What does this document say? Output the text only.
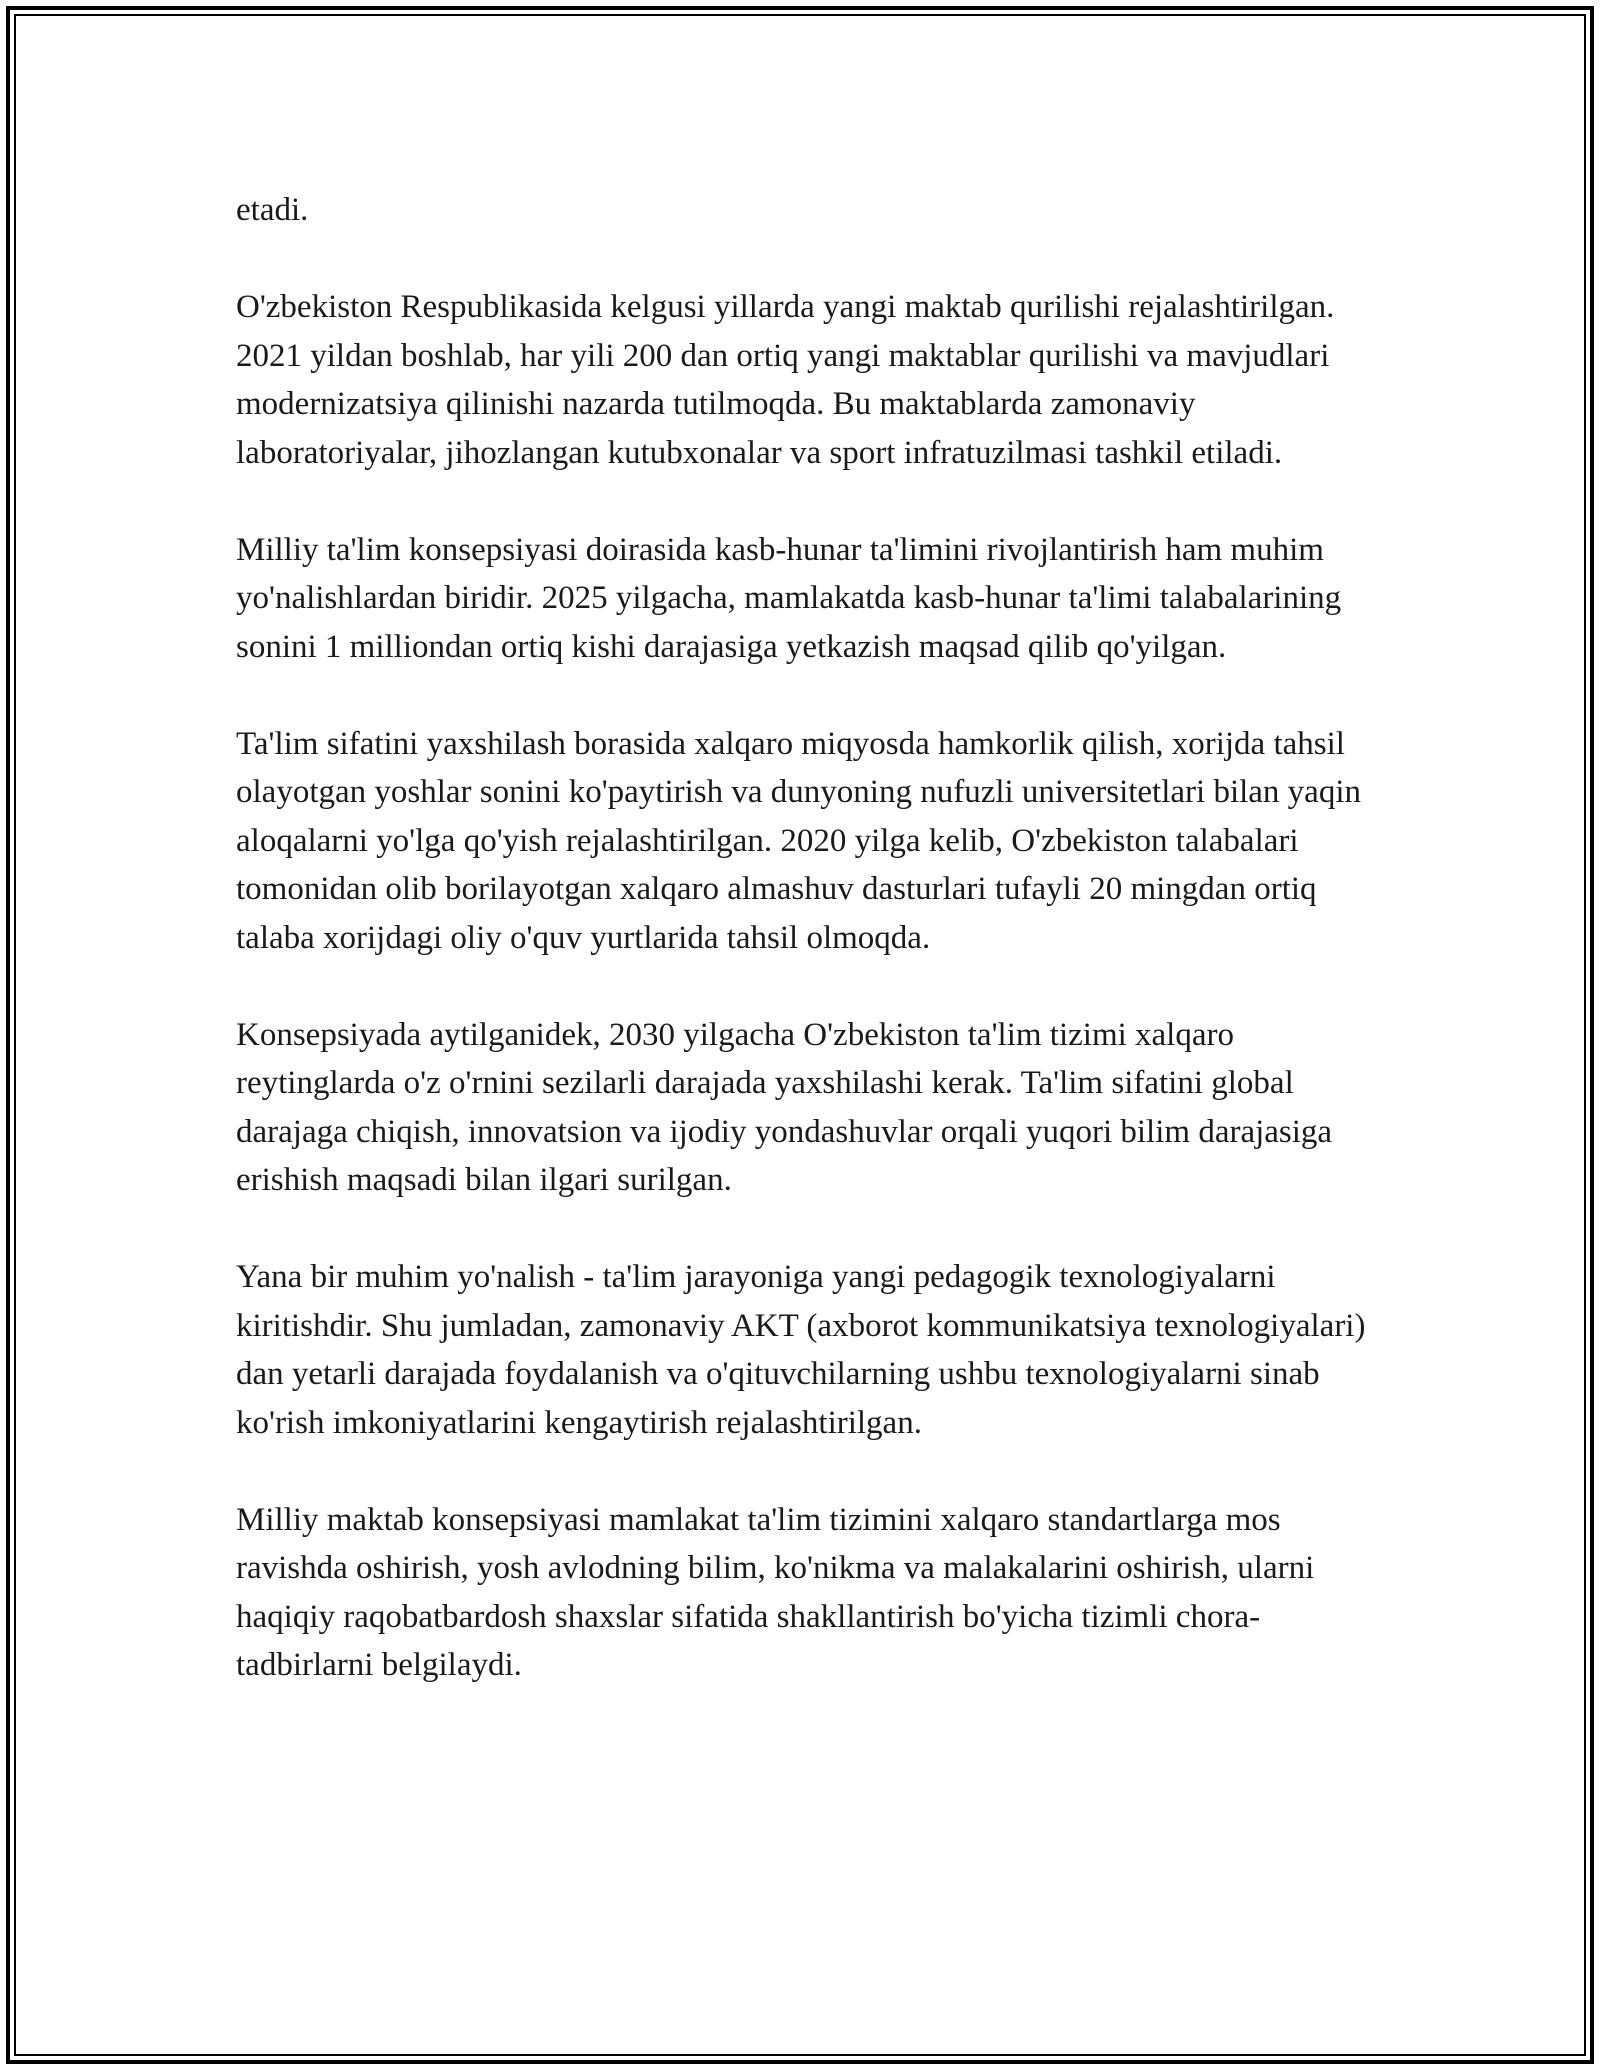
etadi.

O'zbekiston Respublikasida kelgusi yillarda yangi maktab qurilishi rejalashtirilgan. 2021 yildan boshlab, har yili 200 dan ortiq yangi maktablar qurilishi va mavjudlari modernizatsiya qilinishi nazarda tutilmoqda. Bu maktablarda zamonaviy laboratoriyalar, jihozlangan kutubxonalar va sport infratuzilmasi tashkil etiladi.

Milliy ta'lim konsepsiyasi doirasida kasb-hunar ta'limini rivojlantirish ham muhim yo'nalishlardan biridir. 2025 yilgacha, mamlakatda kasb-hunar ta'limi talabalarining sonini 1 milliondan ortiq kishi darajasiga yetkazish maqsad qilib qo'yilgan.

Ta'lim sifatini yaxshilash borasida xalqaro miqyosda hamkorlik qilish, xorijda tahsil olayotgan yoshlar sonini ko'paytirish va dunyoning nufuzli universitetlari bilan yaqin aloqalarni yo'lga qo'yish rejalashtirilgan. 2020 yilga kelib, O'zbekiston talabalari tomonidan olib borilayotgan xalqaro almashuv dasturlari tufayli 20 mingdan ortiq talaba xorijdagi oliy o'quv yurtlarida tahsil olmoqda.

Konsepsiyada aytilganidek, 2030 yilgacha O'zbekiston ta'lim tizimi xalqaro reytinglarda o'z o'rnini sezilarli darajada yaxshilashi kerak. Ta'lim sifatini global darajaga chiqish, innovatsion va ijodiy yondashuvlar orqali yuqori bilim darajasiga erishish maqsadi bilan ilgari surilgan.

Yana bir muhim yo'nalish - ta'lim jarayoniga yangi pedagogik texnologiyalarni kiritishdir. Shu jumladan, zamonaviy AKT (axborot kommunikatsiya texnologiyalari) dan yetarli darajada foydalanish va o'qituvchilarning ushbu texnologiyalarni sinab ko'rish imkoniyatlarini kengaytirish rejalashtirilgan.

Milliy maktab konsepsiyasi mamlakat ta'lim tizimini xalqaro standartlarga mos ravishda oshirish, yosh avlodning bilim, ko'nikma va malakalarini oshirish, ularni haqiqiy raqobatbardosh shaxslar sifatida shakllantirish bo'yicha tizimli chora-tadbirlarni belgilaydi.
